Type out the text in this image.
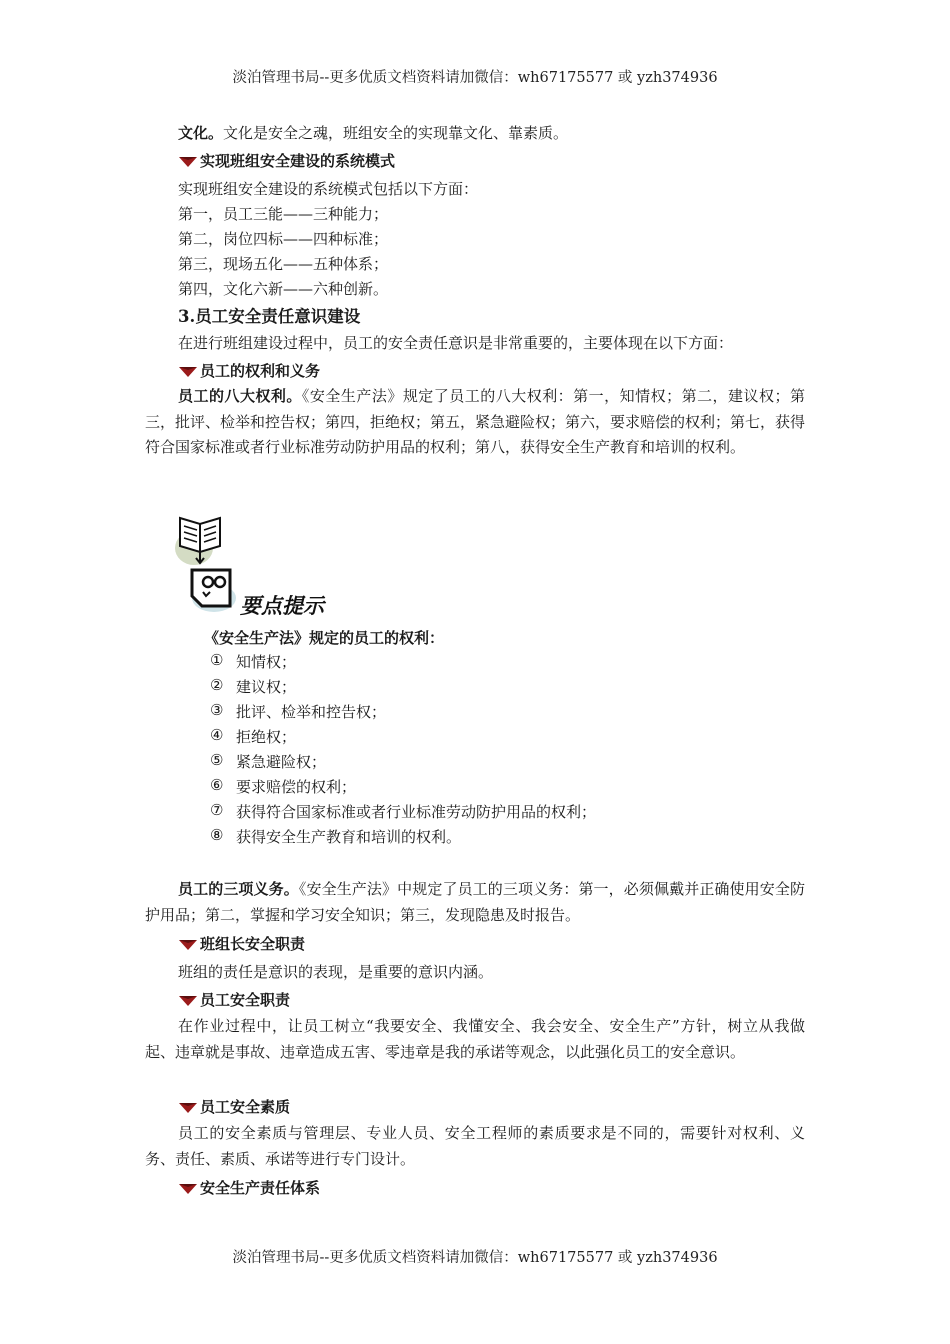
淡泊管理书局--更多优质文档资料请加微信：wh67175577 或 yzh374936
文化。文化是安全之魂，班组安全的实现靠文化、靠素质。
实现班组安全建设的系统模式
实现班组安全建设的系统模式包括以下方面：
第一，员工三能——三种能力；
第二，岗位四标——四种标准；
第三，现场五化——五种体系；
第四，文化六新——六种创新。
3.员工安全责任意识建设
在进行班组建设过程中，员工的安全责任意识是非常重要的，主要体现在以下方面：
员工的权利和义务
员工的八大权利。《安全生产法》规定了员工的八大权利：第一，知情权；第二，建议权；第三，批评、检举和控告权；第四，拒绝权；第五，紧急避险权；第六，要求赔偿的权利；第七，获得符合国家标准或者行业标准劳动防护用品的权利；第八，获得安全生产教育和培训的权利。
要点提示
《安全生产法》规定的员工的权利：
① 知情权；
② 建议权；
③ 批评、检举和控告权；
④ 拒绝权；
⑤ 紧急避险权；
⑥ 要求赔偿的权利；
⑦ 获得符合国家标准或者行业标准劳动防护用品的权利；
⑧ 获得安全生产教育和培训的权利。
员工的三项义务。《安全生产法》中规定了员工的三项义务：第一，必须佩戴并正确使用安全防护用品；第二，掌握和学习安全知识；第三，发现隐患及时报告。
班组长安全职责
班组的责任是意识的表现，是重要的意识内涵。
员工安全职责
在作业过程中，让员工树立“我要安全、我懂安全、我会安全、安全生产”方针，树立从我做起、违章就是事故、违章造成五害、零违章是我的承诺等观念，以此强化员工的安全意识。
员工安全素质
员工的安全素质与管理层、专业人员、安全工程师的素质要求是不同的，需要针对权利、义务、责任、素质、承诺等进行专门设计。
安全生产责任体系
淡泊管理书局--更多优质文档资料请加微信：wh67175577 或 yzh374936
